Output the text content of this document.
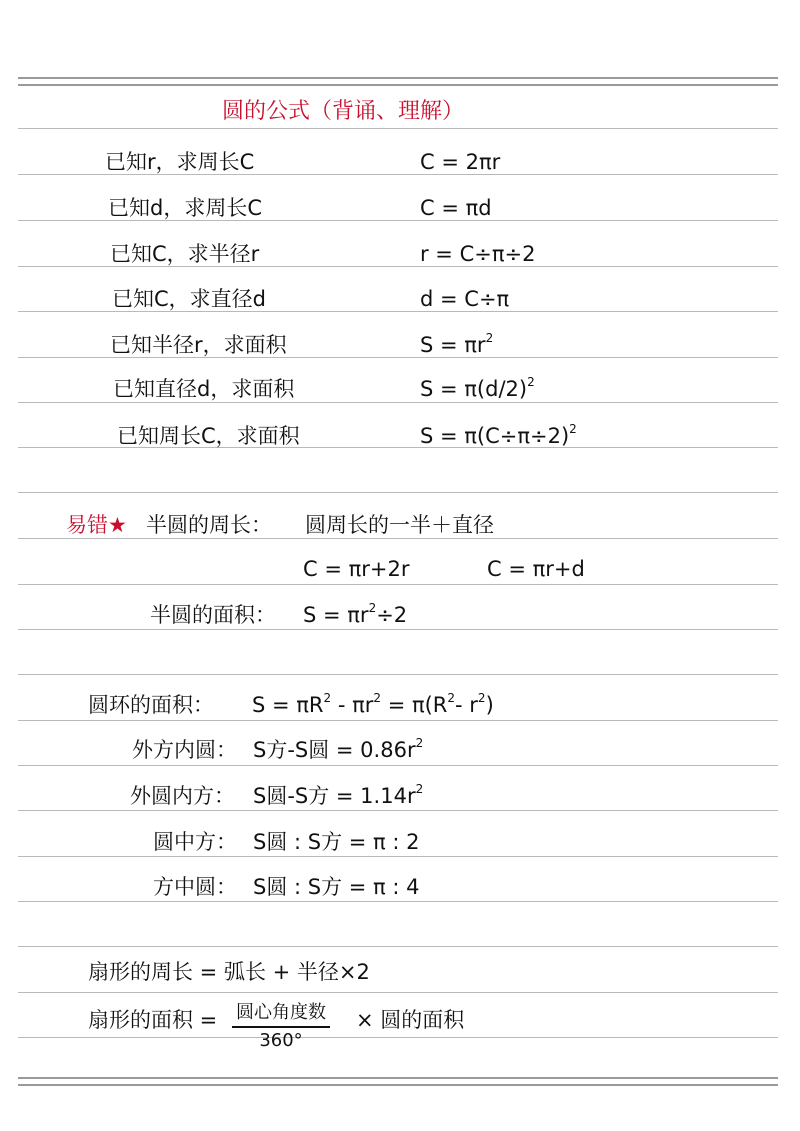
圆的公式（背诵、理解）
已知r，求周长C	C = 2πr
已知d，求周长C	C = πd
已知C，求半径r	r = C÷π÷2
已知C，求直径d	d = C÷π
已知半径r，求面积	$S = \pi r^2$
已知直径d，求面积	$S = \pi(d/2)^2$
已知周长C，求面积	$S = \pi(C\div\pi\div 2)^2$
易错★ 半圆的周长： 圆周长的一半＋直径
C = πr+2r	C = πr+d
半圆的面积： $S = \pi r^2\div 2$
圆环的面积： $S = \pi R^2 - \pi r^2 = \pi(R^2-$ $r^2$)
外方内圆： S方-S圆 = $0.86r^2$
外圆内方： S圆-S方 = $1.14r^2$
圆中方： S圆 : S方 = π : 2
方中圆： S圆 : S方 = π : 4
扇形的周长 = 弧长 + 半径×2
扇形的面积 = 圆心角度数
360°
× 圆的面积
